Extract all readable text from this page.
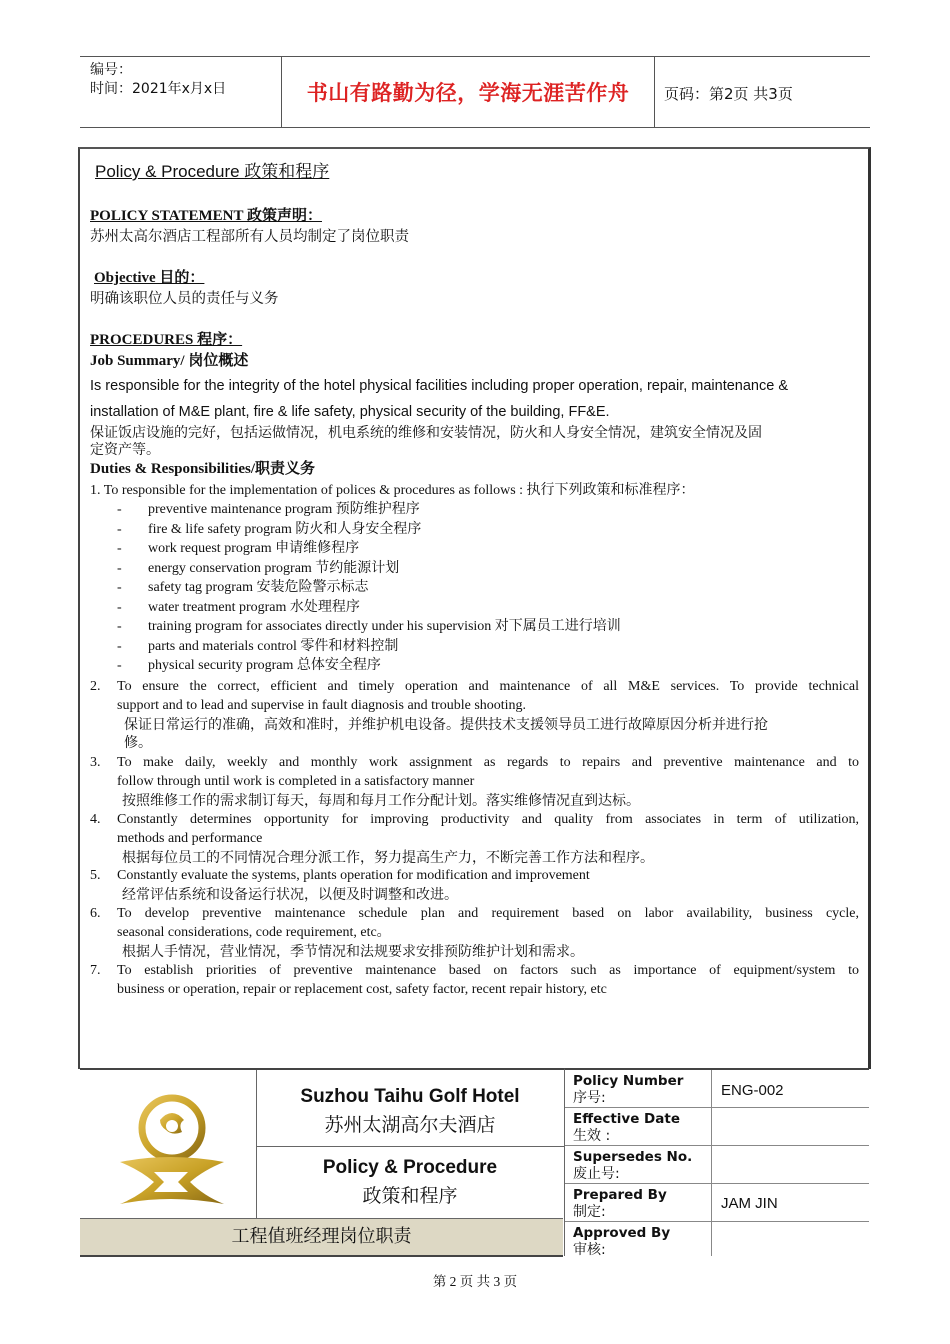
编号：
时间：2021年x月x日	书山有路勤为径，学海无涯苦作舟	页码：第2页 共3页
Policy & Procedure 政策和程序
POLICY STATEMENT 政策声明：
苏州太高尔酒店工程部所有人员均制定了岗位职责
Objective 目的：
明确该职位人员的责任与义务
PROCEDURES 程序：
Job Summary/ 岗位概述
Is responsible for the integrity of the hotel physical facilities including proper operation, repair, maintenance &
installation of M&E plant, fire & life safety, physical security of the building, FF&E.
保证饭店设施的完好，包括运做情况，机电系统的维修和安装情况，防火和人身安全情况，建筑安全情况及固
定资产等。
Duties & Responsibilities/职责义务
1. To responsible for the implementation of polices & procedures as follows : 执行下列政策和标准程序：
- preventive maintenance program 预防维护程序
- fire & life safety program 防火和人身安全程序
- work request program 申请维修程序
- energy conservation program 节约能源计划
- safety tag program 安装危险警示标志
- water treatment program 水处理程序
- training program for associates directly under his supervision 对下属员工进行培训
- parts and materials control 零件和材料控制
- physical security program 总体安全程序
2. To ensure the correct, efficient and timely operation and maintenance of all M&E services. To provide technical
support and to lead and supervise in fault diagnosis and trouble shooting.
保证日常运行的准确，高效和准时，并维护机电设备。提供技术支援领导员工进行故障原因分析并进行抢
修。
3. To make daily, weekly and monthly work assignment as regards to repairs and preventive maintenance and to
follow through until work is completed in a satisfactory manner
按照维修工作的需求制订每天，每周和每月工作分配计划。落实维修情况直到达标。
4. Constantly determines opportunity for improving productivity and quality from associates in term of utilization,
methods and performance
根据每位员工的不同情况合理分派工作，努力提高生产力，不断完善工作方法和程序。
5. Constantly evaluate the systems, plants operation for modification and improvement
经常评估系统和设备运行状况，以便及时调整和改进。
6. To develop preventive maintenance schedule plan and requirement based on labor availability, business cycle,
seasonal considerations, code requirement, etc。
根据人手情况，营业情况，季节情况和法规要求安排预防维护计划和需求。
7. To establish priorities of preventive maintenance based on factors such as importance of equipment/system to
business or operation, repair or replacement cost, safety factor, recent repair history, etc
Suzhou Taihu Golf Hotel
苏州太湖高尔夫酒店
Policy & Procedure
政策和程序
工程值班经理岗位职责
Policy Number
序号:	ENG-002
Effective Date
生效 :
Supersedes No.
废止号:
Prepared By
制定:	JAM JIN
Approved By
审核:
第 2 页 共 3 页
